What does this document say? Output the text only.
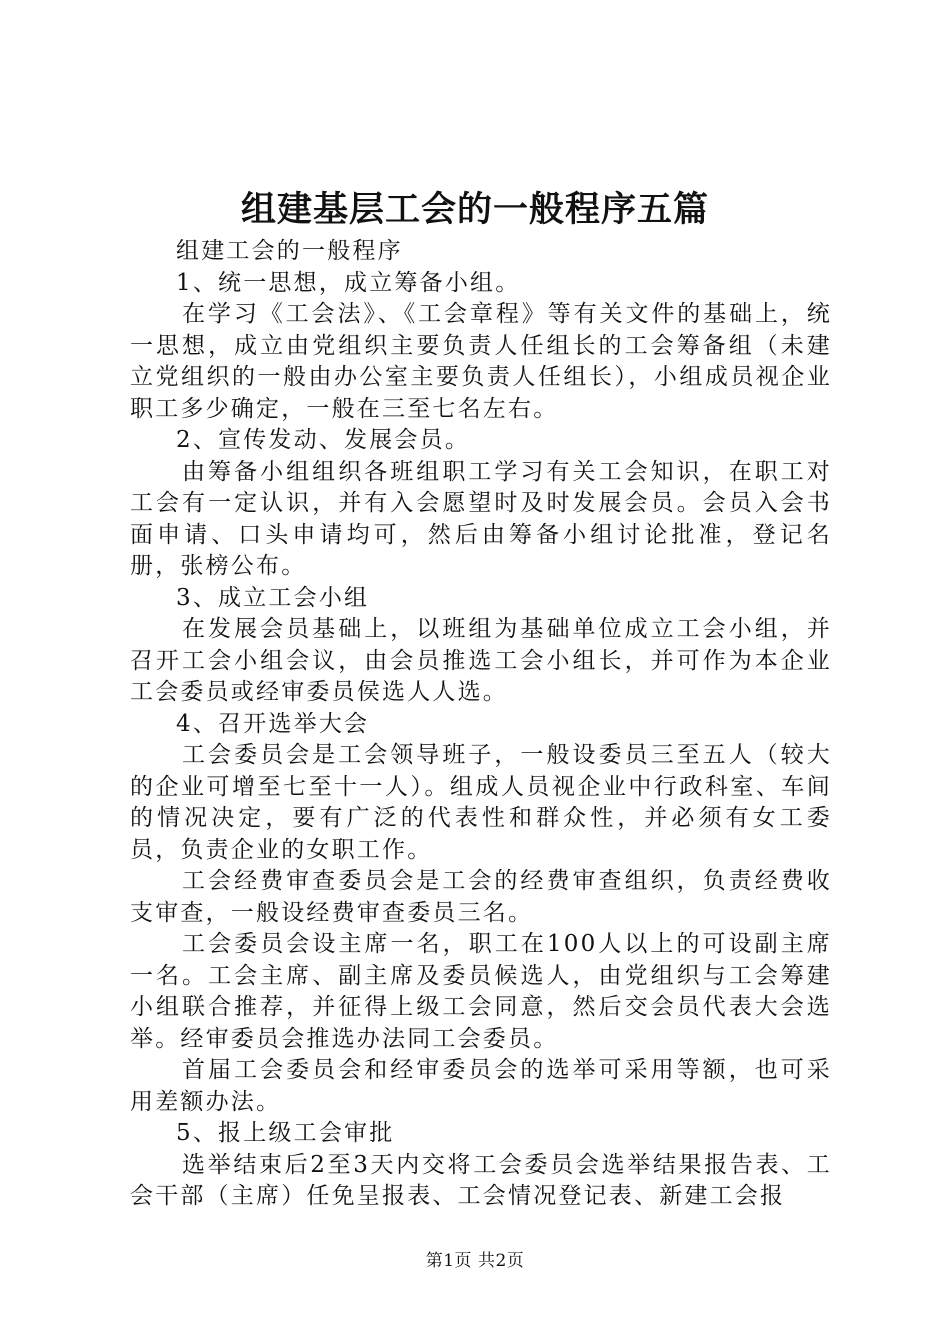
组建基层工会的一般程序五篇

组建工会的一般程序

1、统一思想，成立筹备小组。

在学习《工会法》、《工会章程》等有关文件的基础上，统一思想，成立由党组织主要负责人任组长的工会筹备组（未建立党组织的一般由办公室主要负责人任组长），小组成员视企业职工多少确定，一般在三至七名左右。

2、宣传发动、发展会员。

由筹备小组组织各班组职工学习有关工会知识，在职工对工会有一定认识，并有入会愿望时及时发展会员。会员入会书面申请、口头申请均可，然后由筹备小组讨论批准，登记名册，张榜公布。

3、成立工会小组

在发展会员基础上，以班组为基础单位成立工会小组，并召开工会小组会议，由会员推选工会小组长，并可作为本企业工会委员或经审委员侯选人人选。

4、召开选举大会

工会委员会是工会领导班子，一般设委员三至五人（较大的企业可增至七至十一人）。组成人员视企业中行政科室、车间的情况决定，要有广泛的代表性和群众性，并必须有女工委员，负责企业的女职工作。

工会经费审查委员会是工会的经费审查组织，负责经费收支审查，一般设经费审查委员三名。

工会委员会设主席一名，职工在100人以上的可设副主席一名。工会主席、副主席及委员候选人，由党组织与工会筹建小组联合推荐，并征得上级工会同意，然后交会员代表大会选举。经审委员会推选办法同工会委员。

首届工会委员会和经审委员会的选举可采用等额，也可采用差额办法。

5、报上级工会审批

选举结束后2至3天内交将工会委员会选举结果报告表、工会干部（主席）任免呈报表、工会情况登记表、新建工会报

第1页 共2页
